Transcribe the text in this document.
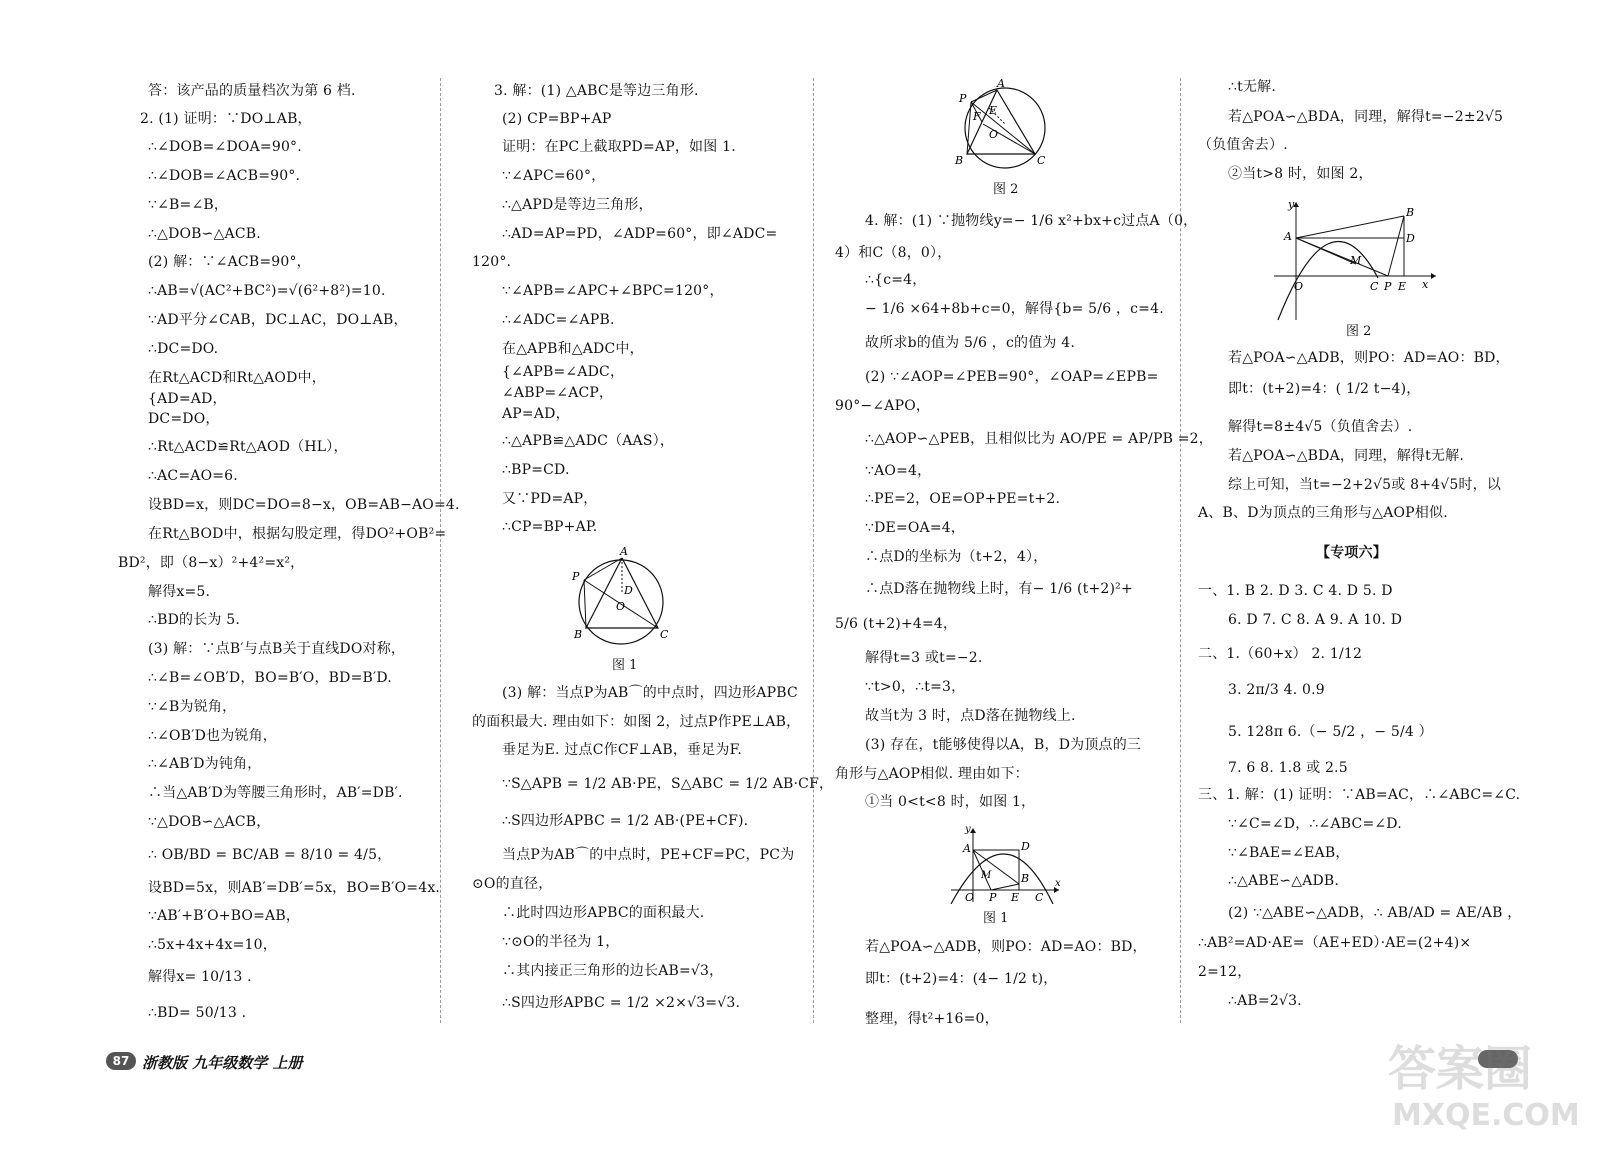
答：该产品的质量档次为第 6 档.
2. (1) 证明：∵DO⊥AB，
∴∠DOB=∠DOA=90°.
∴∠DOB=∠ACB=90°.
∵∠B=∠B，
∴△DOB∽△ACB.
(2) 解：∵∠ACB=90°，
∴AB=√(AC²+BC²)=√(6²+8²)=10.
∵AD平分∠CAB，DC⊥AC，DO⊥AB，
∴DC=DO.
在Rt△ACD和Rt△AOD中，
{AD=AD，
DC=DO，
∴Rt△ACD≌Rt△AOD（HL），
∴AC=AO=6.
设BD=x，则DC=DO=8−x，OB=AB−AO=4.
在Rt△BOD中，根据勾股定理，得DO²+OB²=
BD²，即（8−x）²+4²=x²，
解得x=5.
∴BD的长为 5.
(3) 解：∵点B′与点B关于直线DO对称，
∴∠B=∠OB′D，BO=B′O，BD=B′D.
∵∠B为锐角，
∴∠OB′D也为锐角，
∴∠AB′D为钝角，
∴当△AB′D为等腰三角形时，AB′=DB′.
∵△DOB∽△ACB，
∴ OB/BD = BC/AB = 8/10 = 4/5，
设BD=5x，则AB′=DB′=5x，BO=B′O=4x.
∵AB′+B′O+BO=AB，
∴5x+4x+4x=10，
解得x= 10/13 .
∴BD= 50/13 .
3. 解：(1) △ABC是等边三角形.
(2) CP=BP+AP
证明：在PC上截取PD=AP，如图 1.
∵∠APC=60°，
∴△APD是等边三角形，
∴AD=AP=PD，∠ADP=60°，即∠ADC=
120°.
∵∠APB=∠APC+∠BPC=120°，
∴∠ADC=∠APB.
在△APB和△ADC中，
{∠APB=∠ADC，
∠ABP=∠ACP，
AP=AD，
∴△APB≌△ADC（AAS），
∴BP=CD.
又∵PD=AP，
∴CP=BP+AP.
A
P
D
O
B	C
图 1
(3) 解：当点P为AB⌒的中点时，四边形APBC
的面积最大. 理由如下：如图 2，过点P作PE⊥AB，
垂足为E. 过点C作CF⊥AB，垂足为F.
∵S△APB = 1/2 AB·PE，S△ABC = 1/2 AB·CF，
∴S四边形APBC = 1/2 AB·(PE+CF).
当点P为AB⌒的中点时，PE+CF=PC，PC为
⊙O的直径，
∴此时四边形APBC的面积最大.
∵⊙O的半径为 1，
∴其内接正三角形的边长AB=√3，
∴S四边形APBC = 1/2 ×2×√3=√3.
A
P
F E
O
B	C
图 2
4. 解：(1) ∵抛物线y=− 1/6 x²+bx+c过点A（0，
4）和C（8，0），
∴{c=4，
− 1/6 ×64+8b+c=0，解得{b= 5/6 ，c=4.
故所求b的值为 5/6 ，c的值为 4.
(2) ∵∠AOP=∠PEB=90°，∠OAP=∠EPB=
90°−∠APO，
∴△AOP∽△PEB，且相似比为 AO/PE = AP/PB =2，
∵AO=4，
∴PE=2，OE=OP+PE=t+2.
∵DE=OA=4，
∴点D的坐标为（t+2，4），
∴点D落在抛物线上时，有− 1/6 (t+2)²+
5/6 (t+2)+4=4，
解得t=3 或t=−2.
∵t>0，∴t=3，
故当t为 3 时，点D落在抛物线上.
(3) 存在，t能够使得以A，B，D为顶点的三
角形与△AOP相似. 理由如下：
①当 0<t<8 时，如图 1，
y
A	D
M	B
O P E C
x
图 1
若△POA∽△ADB，则PO：AD=AO：BD，
即t：(t+2)=4：(4− 1/2 t)，
整理，得t²+16=0，
∴t无解.
若△POA∽△BDA，同理，解得t=−2±2√5
（负值舍去）.
②当t>8 时，如图 2，
y
B
A	D
M
O	C P E x
图 2
若△POA∽△ADB，则PO：AD=AO：BD，
即t：(t+2)=4：( 1/2 t−4)，
解得t=8±4√5（负值舍去）.
若△POA∽△BDA，同理，解得t无解.
综上可知，当t=−2+2√5或 8+4√5时，以
A、B、D为顶点的三角形与△AOP相似.
【专项六】
一、1. B 2. D 3. C 4. D 5. D
6. D 7. C 8. A 9. A 10. D
二、1.（60+x） 2. 1/12
3. 2π/3 4. 0.9
5. 128π 6.（− 5/2 ，− 5/4 ）
7. 6 8. 1.8 或 2.5
三、1. 解：(1) 证明：∵AB=AC，∴∠ABC=∠C.
∵∠C=∠D，∴∠ABC=∠D.
∵∠BAE=∠EAB，
∴△ABE∽△ADB.
(2) ∵△ABE∽△ADB，∴ AB/AD = AE/AB ，
∴AB²=AD·AE=（AE+ED）·AE=(2+4)×
2=12，
∴AB=2√3.
87 浙教版 九年级数学 上册	答案圈
MXQE.COM
